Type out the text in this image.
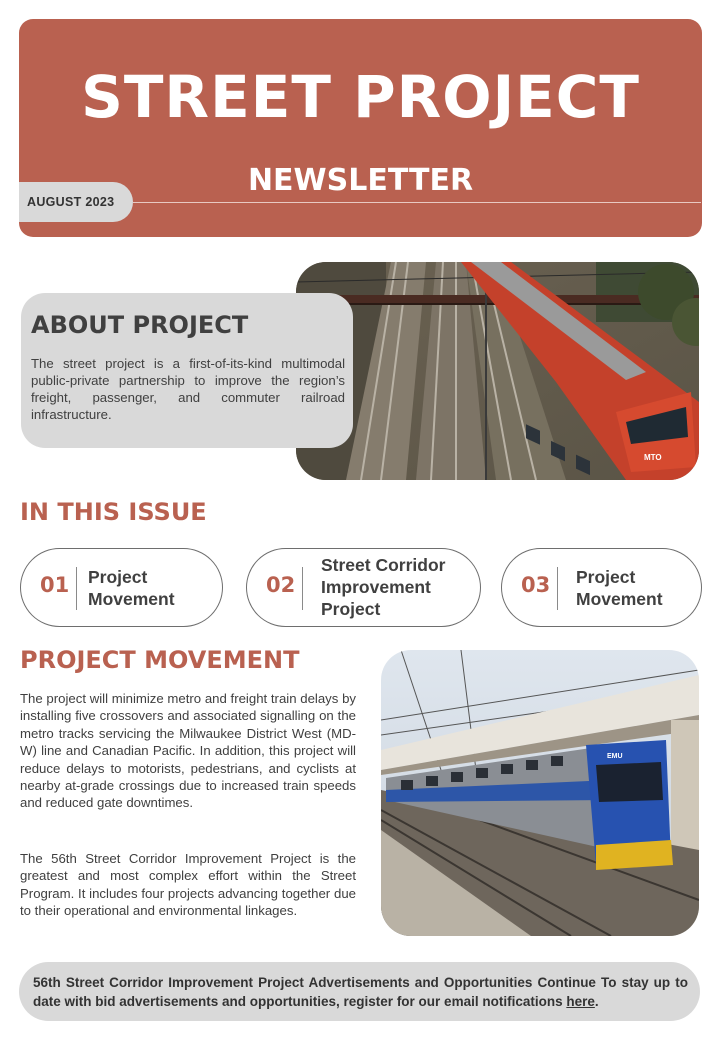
STREET PROJECT
NEWSLETTER
AUGUST 2023
MTO
ABOUT PROJECT

The street project is a first-of-its-kind multimodal public-private partnership to improve the region’s freight, passenger, and commuter railroad infrastructure.

IN THIS ISSUE
01 Project
Movement
02
Street Corridor
Improvement
Project
03 Project
Movement
PROJECT MOVEMENT

The project will minimize metro and freight train delays by installing five crossovers and associated signalling on the metro tracks servicing the Milwaukee District West (MD-W) line and Canadian Pacific. In addition, this project will reduce delays to motorists, pedestrians, and cyclists at nearby at-grade crossings due to increased train speeds and reduced gate downtimes.

The 56th Street Corridor Improvement Project is the greatest and most complex effort within the Street Program. It includes four projects advancing together due to their operational and environmental linkages.

EMU

56th Street Corridor Improvement Project Advertisements and Opportunities Continue To stay up to date with bid advertisements and opportunities, register for our email notifications here.
